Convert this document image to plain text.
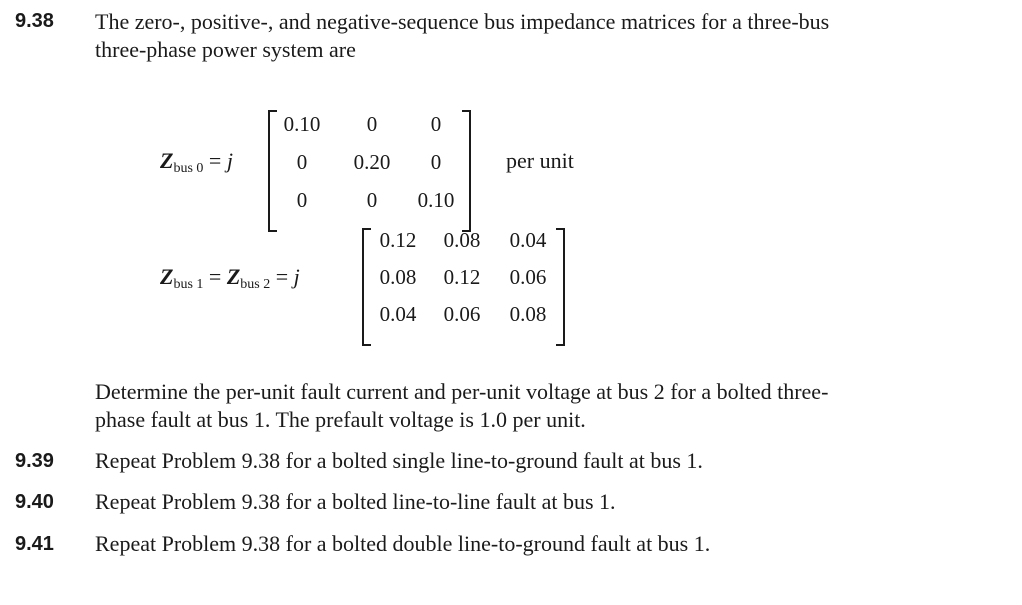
9.38 The zero-, positive-, and negative-sequence bus impedance matrices for a three-bus
three-phase power system are
$Z_{bus 0} = j$
0.10	0	0
0	0.20	0
0	0	0.10
per unit
$Z_{bus 1} = Z_{bus 2} = j$
0.12	0.08	0.04
0.08	0.12	0.06
0.04	0.06	0.08
Determine the per-unit fault current and per-unit voltage at bus 2 for a bolted three-
phase fault at bus 1. The prefault voltage is 1.0 per unit.
9.39 Repeat Problem 9.38 for a bolted single line-to-ground fault at bus 1.
9.40 Repeat Problem 9.38 for a bolted line-to-line fault at bus 1.
9.41 Repeat Problem 9.38 for a bolted double line-to-ground fault at bus 1.
